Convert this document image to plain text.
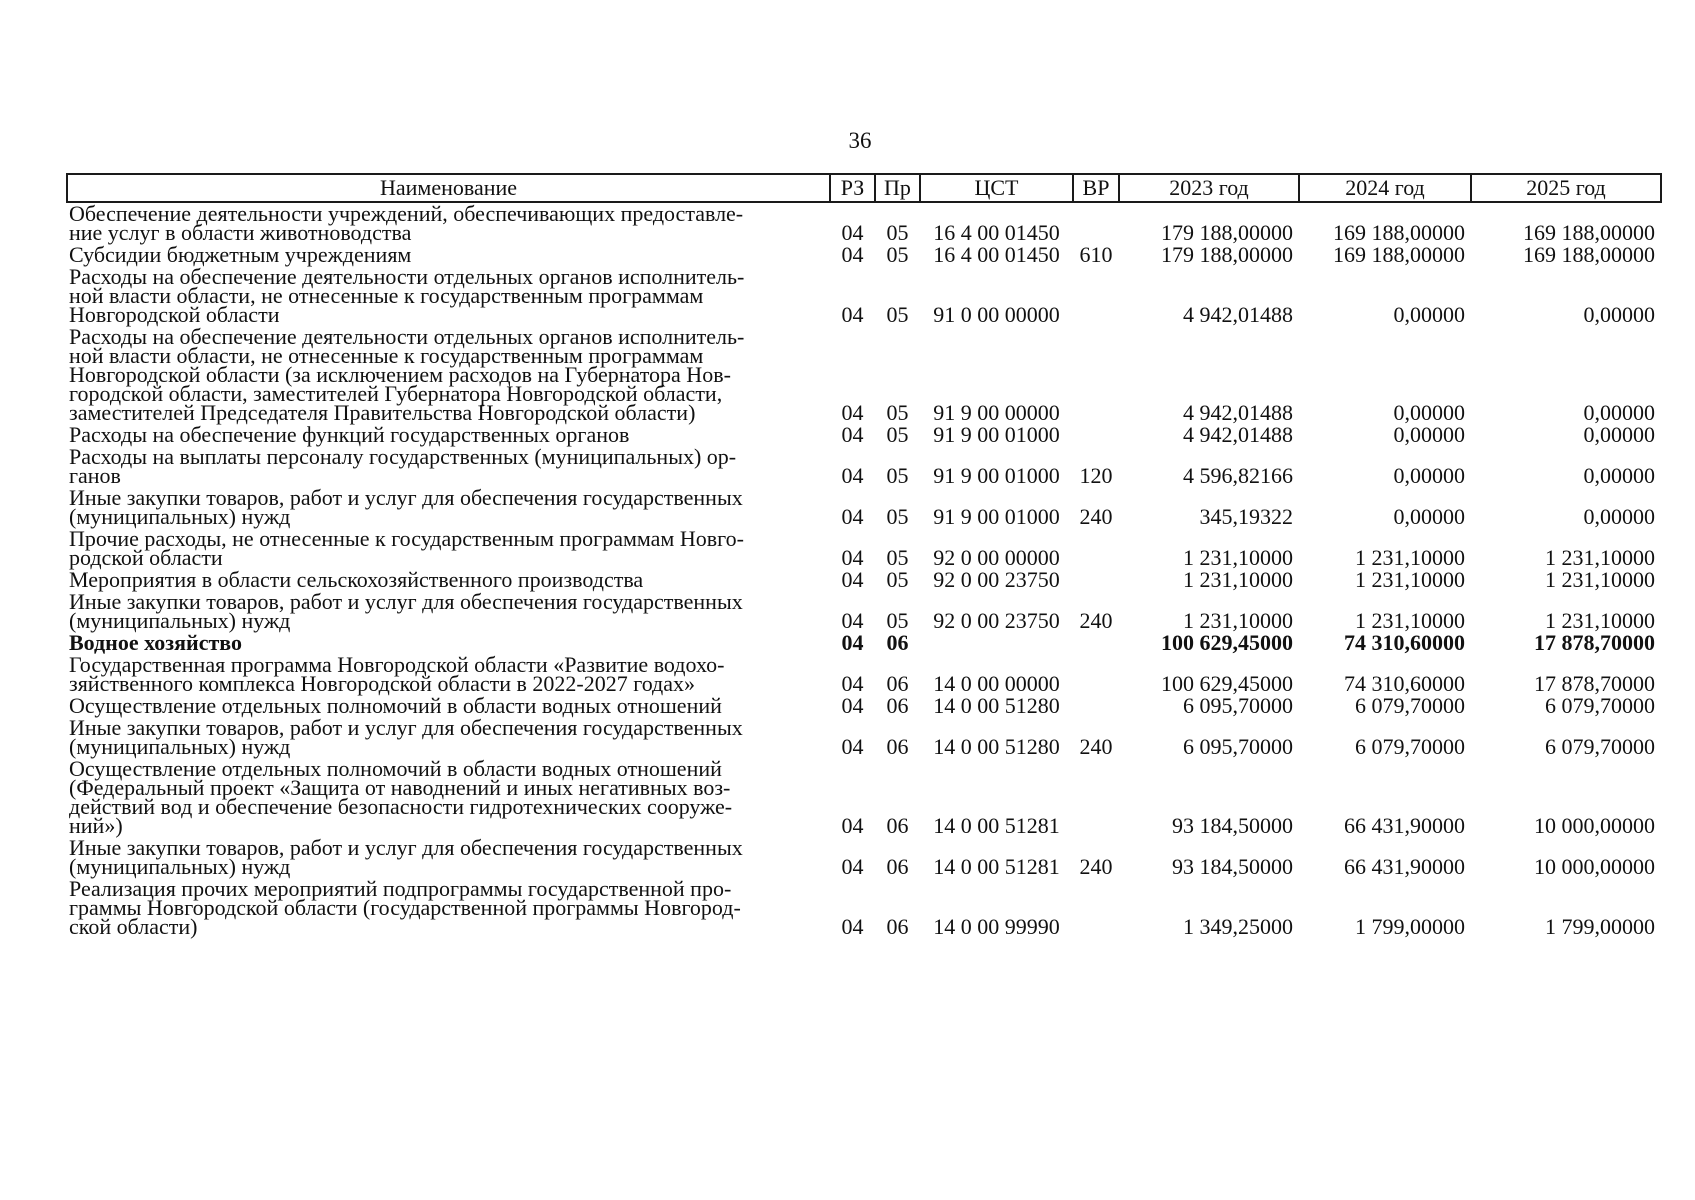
36
Наименование	РЗ	Пр	ЦСТ	ВР	2023 год	2024 год	2025 год

Обеспечение деятельности учреждений, обеспечивающих предоставле-
ние услуг в области животноводства	04	05	16 4 00 01450		179 188,00000	169 188,00000	169 188,00000

Субсидии бюджетным учреждениям	04	05	16 4 00 01450	610	179 188,00000	169 188,00000	169 188,00000

Расходы на обеспечение деятельности отдельных органов исполнитель-
ной власти области, не отнесенные к государственным программам
Новгородской области	04	05	91 0 00 00000		4 942,01488	0,00000	0,00000

Расходы на обеспечение деятельности отдельных органов исполнитель-
ной власти области, не отнесенные к государственным программам
Новгородской области (за исключением расходов на Губернатора Нов-
городской области, заместителей Губернатора Новгородской области,
заместителей Председателя Правительства Новгородской области)	04	05	91 9 00 00000		4 942,01488	0,00000	0,00000

Расходы на обеспечение функций государственных органов	04	05	91 9 00 01000		4 942,01488	0,00000	0,00000

Расходы на выплаты персоналу государственных (муниципальных) ор-
ганов	04	05	91 9 00 01000	120	4 596,82166	0,00000	0,00000

Иные закупки товаров, работ и услуг для обеспечения государственных
(муниципальных) нужд	04	05	91 9 00 01000	240	345,19322	0,00000	0,00000

Прочие расходы, не отнесенные к государственным программам Новго-
родской области	04	05	92 0 00 00000		1 231,10000	1 231,10000	1 231,10000

Мероприятия в области сельскохозяйственного производства	04	05	92 0 00 23750		1 231,10000	1 231,10000	1 231,10000

Иные закупки товаров, работ и услуг для обеспечения государственных
(муниципальных) нужд	04	05	92 0 00 23750	240	1 231,10000	1 231,10000	1 231,10000

Водное хозяйство	04	06			100 629,45000	74 310,60000	17 878,70000

Государственная программа Новгородской области «Развитие водохо-
зяйственного комплекса Новгородской области в 2022-2027 годах»	04	06	14 0 00 00000		100 629,45000	74 310,60000	17 878,70000

Осуществление отдельных полномочий в области водных отношений	04	06	14 0 00 51280		6 095,70000	6 079,70000	6 079,70000

Иные закупки товаров, работ и услуг для обеспечения государственных
(муниципальных) нужд	04	06	14 0 00 51280	240	6 095,70000	6 079,70000	6 079,70000

Осуществление отдельных полномочий в области водных отношений
(Федеральный проект «Защита от наводнений и иных негативных воз-
действий вод и обеспечение безопасности гидротехнических сооруже-
ний»)	04	06	14 0 00 51281		93 184,50000	66 431,90000	10 000,00000

Иные закупки товаров, работ и услуг для обеспечения государственных
(муниципальных) нужд	04	06	14 0 00 51281	240	93 184,50000	66 431,90000	10 000,00000

Реализация прочих мероприятий подпрограммы государственной про-
граммы Новгородской области (государственной программы Новгород-
ской области)	04	06	14 0 00 99990		1 349,25000	1 799,00000	1 799,00000
